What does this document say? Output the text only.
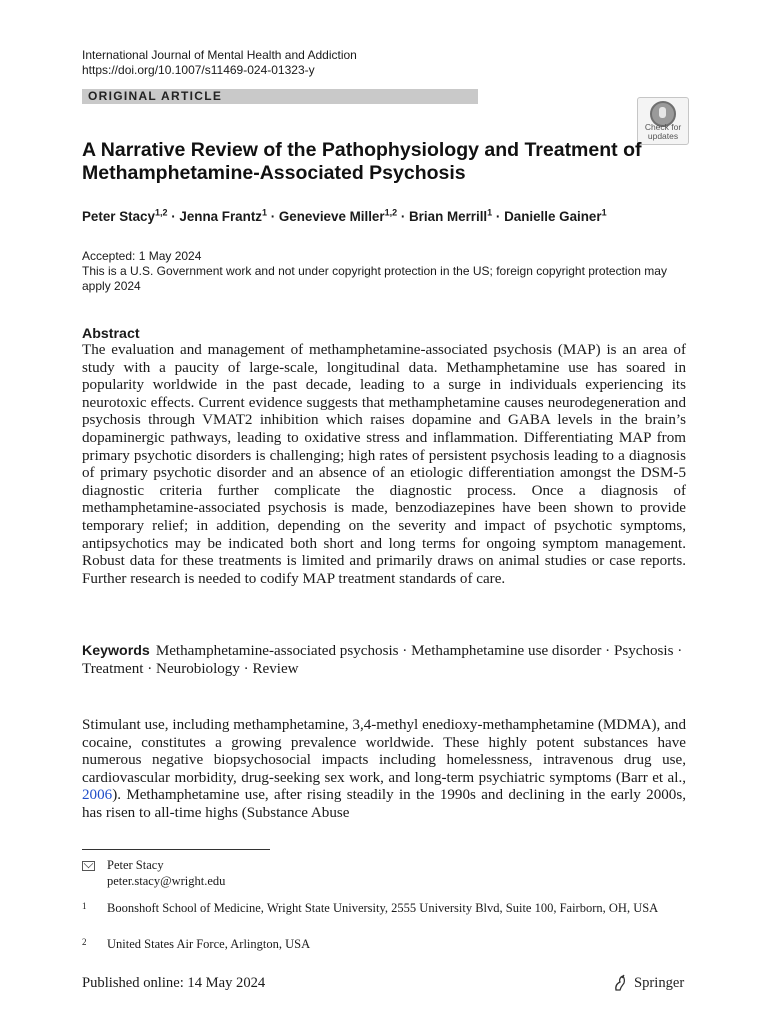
International Journal of Mental Health and Addiction
https://doi.org/10.1007/s11469-024-01323-y
ORIGINAL ARTICLE
Check for
updates
A Narrative Review of the Pathophysiology and Treatment of Methamphetamine-Associated Psychosis
Peter Stacy$^{1,2}$ · Jenna Frantz$^1$ · Genevieve Miller$^{1,2}$ · Brian Merrill$^1$ · Danielle Gainer$^1$
Accepted: 1 May 2024
This is a U.S. Government work and not under copyright protection in the US; foreign copyright protection may apply 2024
Abstract

The evaluation and management of methamphetamine-associated psychosis (MAP) is an area of study with a paucity of large-scale, longitudinal data. Methamphetamine use has soared in popularity worldwide in the past decade, leading to a surge in individuals experiencing its neurotoxic effects. Current evidence suggests that methamphetamine causes neurodegeneration and psychosis through VMAT2 inhibition which raises dopamine and GABA levels in the brain’s dopaminergic pathways, leading to oxidative stress and inflammation. Differentiating MAP from primary psychotic disorders is challenging; high rates of persistent psychosis leading to a diagnosis of primary psychotic disorder and an absence of an etiologic differentiation amongst the DSM-5 diagnostic criteria further complicate the diagnostic process. Once a diagnosis of methamphetamine-associated psychosis is made, benzodiazepines have been shown to provide temporary relief; in addition, depending on the severity and impact of psychotic symptoms, antipsychotics may be indicated both short and long terms for ongoing symptom management. Robust data for these treatments is limited and primarily draws on animal studies or case reports. Further research is needed to codify MAP treatment standards of care.

Keywords Methamphetamine-associated psychosis · Methamphetamine use disorder · Psychosis · Treatment · Neurobiology · Review

Stimulant use, including methamphetamine, 3,4-methyl enedioxy-methamphetamine (MDMA), and cocaine, constitutes a growing prevalence worldwide. These highly potent substances have numerous negative biopsychosocial impacts including homelessness, intravenous drug use, cardiovascular morbidity, drug-seeking sex work, and long-term psychiatric symptoms (Barr et al., 2006). Methamphetamine use, after rising steadily in the 1990s and declining in the early 2000s, has risen to all-time highs (Substance Abuse

Peter Stacy
peter.stacy@wright.edu
1 Boonshoft School of Medicine, Wright State University, 2555 University Blvd, Suite 100, Fairborn, OH, USA
2 United States Air Force, Arlington, USA
Published online: 14 May 2024	Springer
